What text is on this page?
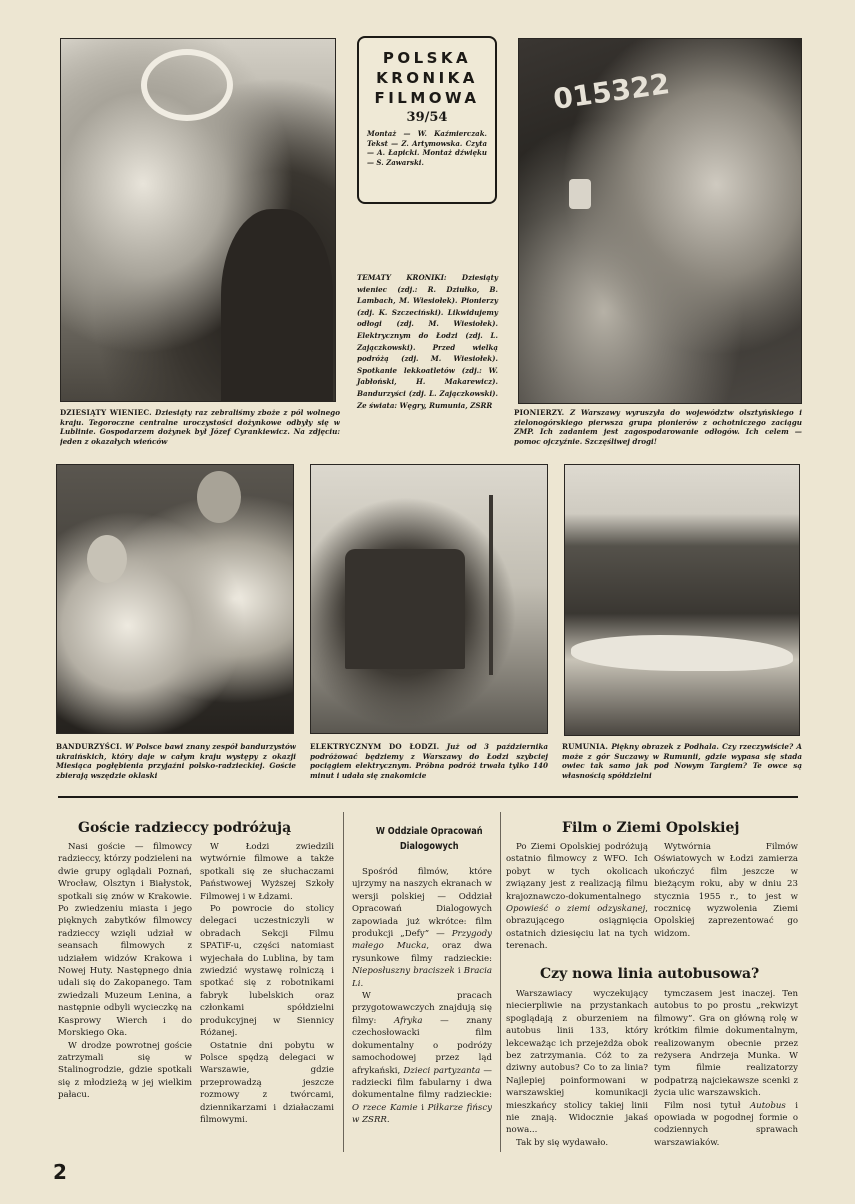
DZIESIĄTY WIENIEC. Dziesiąty raz zebraliśmy zboże z pól wolnego kraju. Tegoroczne centralne uroczystości dożynkowe odbyły się w Lublinie. Gospodarzem dożynek był Józef Cyrankiewicz. Na zdjęciu: jeden z okazałych wieńców
POLSKA
KRONIKA
FILMOWA
39/54
Montaż — W. Kaźmierczak. Tekst — Z. Artymowska. Czyta — A. Łapicki. Montaż dźwięku — S. Zawarski.
TEMATY KRONIKI: Dziesiąty wieniec (zdj.: R. Dziułko, B. Lambach, M. Wiesiołek). Pionierzy (zdj. K. Szczeciński). Likwidujemy odłogi (zdj. M. Wiesiołek). Elektrycznym do Łodzi (zdj. L. Zajączkowski). Przed wielką podróżą (zdj. M. Wiesiołek). Spotkanie lekkoatletów (zdj.: W. Jabłoński, H. Makarewicz). Bandurzyści (zdj. L. Zajączkowski). Ze świata: Węgry, Rumunia, ZSRR
015322
PIONIERZY. Z Warszawy wyruszyła do województw olsztyńskiego i zielonogórskiego pierwsza grupa pionierów z ochotniczego zaciągu ZMP. Ich zadaniem jest zagospodarowanie odłogów. Ich celem — pomoc ojczyźnie. Szczęśliwej drogi!
BANDURZYŚCI. W Polsce bawi znany zespół bandurzystów ukraińskich, który daje w całym kraju występy z okazji Miesiąca pogłębienia przyjaźni polsko-radzieckiej. Goście zbierają wszędzie oklaski
ELEKTRYCZNYM DO ŁODZI. Już od 3 października podróżować będziemy z Warszawy do Łodzi szybciej pociągiem elektrycznym. Próbna podróż trwała tylko 140 minut i udała się znakomicie
RUMUNIA. Piękny obrazek z Podhala. Czy rzeczywiście? A może z gór Suczawy w Rumunii, gdzie wypasa się stada owiec tak samo jak pod Nowym Targiem? Te owce są własnością spółdzielni
Goście radzieccy podróżują

Nasi goście — filmowcy radzieccy, którzy podzieleni na dwie grupy oglądali Poznań, Wrocław, Olsztyn i Białystok, spotkali się znów w Krakowie. Po zwiedzeniu miasta i jego pięknych zabytków filmowcy radzieccy wzięli udział w seansach filmowych z udziałem widzów Krakowa i Nowej Huty. Następnego dnia udali się do Zakopanego. Tam zwiedzali Muzeum Lenina, a następnie odbyli wycieczkę na Kasprowy Wierch i do Morskiego Oka.

W drodze powrotnej goście zatrzymali się w Stalinogrodzie, gdzie spotkali się z młodzieżą w jej wielkim pałacu.

W Łodzi zwiedzili wytwórnie filmowe a także spotkali się ze słuchaczami Państwowej Wyższej Szkoły Filmowej i w Łdzami.

Po powrocie do stolicy delegaci uczestniczyli w obradach Sekcji Filmu SPATiF-u, części natomiast wyjechała do Lublina, by tam zwiedzić wystawę rolniczą i spotkać się z robotnikami fabryk lubelskich oraz członkami spółdzielni produkcyjnej w Siennicy Różanej.

Ostatnie dni pobytu w Polsce spędzą delegaci w Warszawie, gdzie przeprowadzą jeszcze rozmowy z twórcami, dziennikarzami i działaczami filmowymi.

W Oddziale Opracowań Dialogowych

Spośród filmów, które ujrzymy na naszych ekranach w wersji polskiej — Oddział Opracowań Dialogowych zapowiada już wkrótce: film produkcji „Defy” — Przygody małego Mucka, oraz dwa rysunkowe filmy radzieckie: Nieposłuszny braciszek i Bracia Li.

W pracach przygotowawczych znajdują się filmy: Afryka — znany czechosłowacki film dokumentalny o podróży samochodowej przez ląd afrykański, Dzieci partyzanta — radziecki film fabularny i dwa dokumentalne filmy radzieckie: O rzece Kamie i Piłkarze fińscy w ZSRR.

Film o Ziemi Opolskiej

Po Ziemi Opolskiej podróżują ostatnio filmowcy z WFO. Ich pobyt w tych okolicach związany jest z realizacją filmu krajoznawczo-dokumentalnego Opowieść o ziemi odzyskanej, obrazującego osiągnięcia ostatnich dziesięciu lat na tych terenach.

Wytwórnia Filmów Oświatowych w Łodzi zamierza ukończyć film jeszcze w bieżącym roku, aby w dniu 23 stycznia 1955 r., to jest w rocznicę wyzwolenia Ziemi Opolskiej zaprezentować go widzom.

Czy nowa linia autobusowa?

Warszawiacy wyczekujący niecierpliwie na przystankach spoglądają z oburzeniem na autobus linii 133, który lekceważąc ich przejeżdża obok bez zatrzymania. Cóż to za dziwny autobus? Co to za linia? Najlepiej poinformowani w warszawskiej komunikacji mieszkańcy stolicy takiej linii nie znają. Widocznie jakaś nowa...

Tak by się wydawało.

tymczasem jest inaczej. Ten autobus to po prostu „rekwizyt filmowy”. Gra on główną rolę w krótkim filmie dokumentalnym, realizowanym obecnie przez reżysera Andrzeja Munka. W tym filmie realizatorzy podpatrzą najciekawsze scenki z życia ulic warszawskich.

Film nosi tytuł Autobus i opowiada w pogodnej formie o codziennych sprawach warszawiaków.

2
